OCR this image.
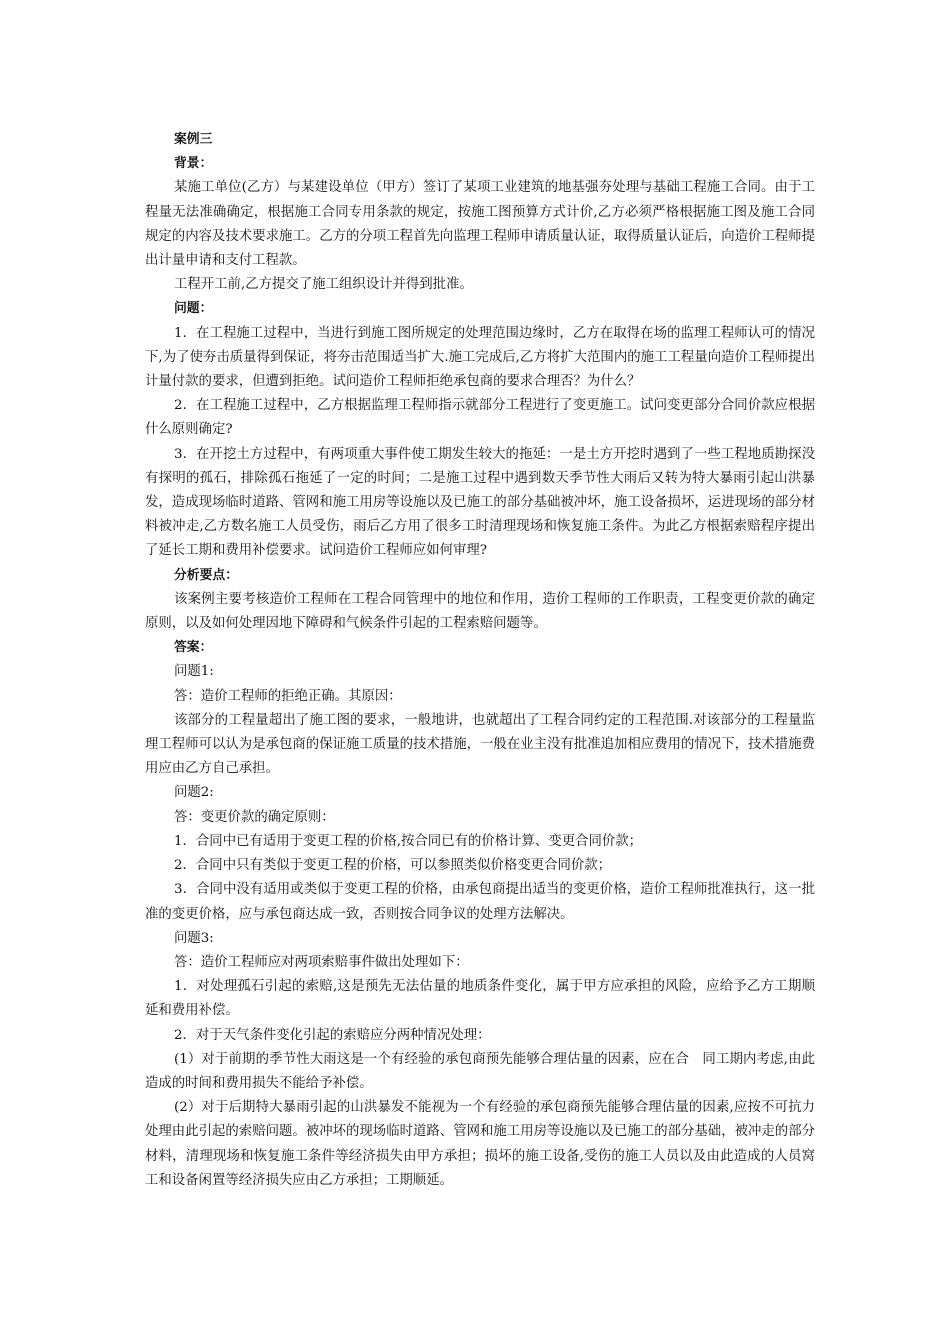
案例三
背景：
某施工单位(乙方）与某建设单位（甲方）签订了某项工业建筑的地基强夯处理与基础工程施工合同。由于工程量无法准确确定，根据施工合同专用条款的规定，按施工图预算方式计价,乙方必须严格根据施工图及施工合同规定的内容及技术要求施工。乙方的分项工程首先向监理工程师申请质量认证，取得质量认证后，向造价工程师提出计量申请和支付工程款。
工程开工前,乙方提交了施工组织设计并得到批准。
问题：
1．在工程施工过程中，当进行到施工图所规定的处理范围边缘时，乙方在取得在场的监理工程师认可的情况下,为了使夯击质量得到保证，将夯击范围适当扩大.施工完成后,乙方将扩大范围内的施工工程量向造价工程师提出计量付款的要求，但遭到拒绝。试问造价工程师拒绝承包商的要求合理否？为什么？
2．在工程施工过程中，乙方根据监理工程师指示就部分工程进行了变更施工。试问变更部分合同价款应根据什么原则确定?
3．在开挖土方过程中，有两项重大事件使工期发生较大的拖延：一是土方开挖时遇到了一些工程地质勘探没有探明的孤石，排除孤石拖延了一定的时间；二是施工过程中遇到数天季节性大雨后又转为特大暴雨引起山洪暴发，造成现场临时道路、管网和施工用房等设施以及已施工的部分基础被冲坏，施工设备损坏，运进现场的部分材料被冲走,乙方数名施工人员受伤，雨后乙方用了很多工时清理现场和恢复施工条件。为此乙方根据索赔程序提出了延长工期和费用补偿要求。试问造价工程师应如何审理?
分析要点：
该案例主要考核造价工程师在工程合同管理中的地位和作用，造价工程师的工作职责，工程变更价款的确定原则，以及如何处理因地下障碍和气候条件引起的工程索赔问题等。
答案：
问题1:
答：造价工程师的拒绝正确。其原因：
该部分的工程量超出了施工图的要求，一般地讲，也就超出了工程合同约定的工程范围.对该部分的工程量监理工程师可以认为是承包商的保证施工质量的技术措施，一般在业主没有批准追加相应费用的情况下，技术措施费用应由乙方自己承担。
问题2:
答：变更价款的确定原则：
1．合同中已有适用于变更工程的价格,按合同已有的价格计算、变更合同价款；
2．合同中只有类似于变更工程的价格，可以参照类似价格变更合同价款；
3．合同中没有适用或类似于变更工程的价格，由承包商提出适当的变更价格，造价工程师批准执行，这一批准的变更价格，应与承包商达成一致，否则按合同争议的处理方法解决。
问题3:
答：造价工程师应对两项索赔事件做出处理如下：
1．对处理孤石引起的索赔,这是预先无法估量的地质条件变化，属于甲方应承担的风险，应给予乙方工期顺延和费用补偿。
2．对于天气条件变化引起的索赔应分两种情况处理：
(1）对于前期的季节性大雨这是一个有经验的承包商预先能够合理估量的因素，应在合　同工期内考虑,由此造成的时间和费用损失不能给予补偿。
(2）对于后期特大暴雨引起的山洪暴发不能视为一个有经验的承包商预先能够合理估量的因素,应按不可抗力处理由此引起的索赔问题。被冲坏的现场临时道路、管网和施工用房等设施以及已施工的部分基础，被冲走的部分材料，清理现场和恢复施工条件等经济损失由甲方承担；损坏的施工设备,受伤的施工人员以及由此造成的人员窝工和设备闲置等经济损失应由乙方承担；工期顺延。
